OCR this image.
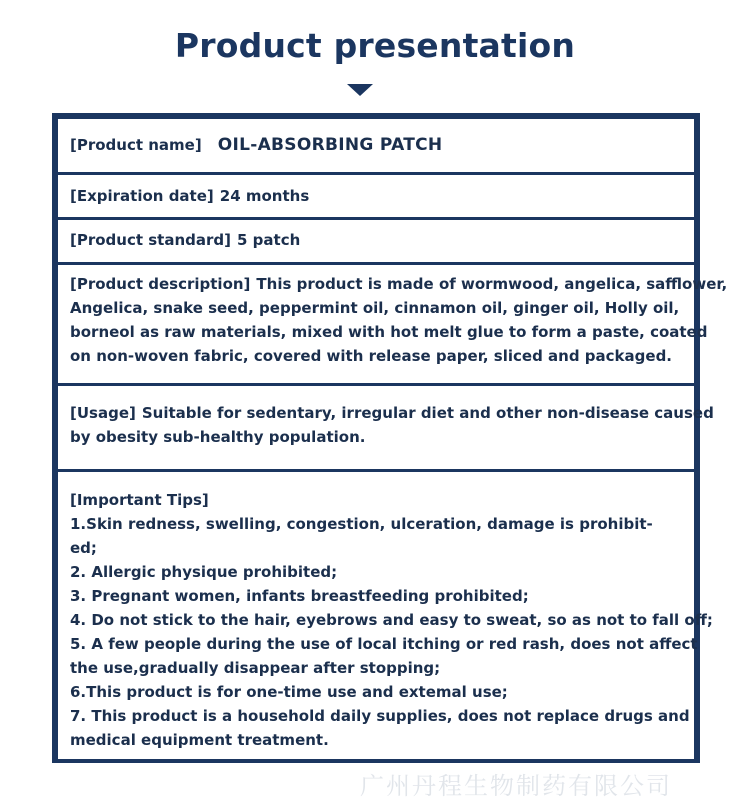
Product presentation
[Product name] OIL-ABSORBING PATCH
[Expiration date] 24 months
[Product standard] 5 patch
[Product description] This product is made of wormwood, angelica, safflower,
Angelica, snake seed, peppermint oil, cinnamon oil, ginger oil, Holly oil,
borneol as raw materials, mixed with hot melt glue to form a paste, coated
on non-woven fabric, covered with release paper, sliced and packaged.
[Usage] Suitable for sedentary, irregular diet and other non-disease caused
by obesity sub-healthy population.
[Important Tips]
1.Skin redness, swelling, congestion, ulceration, damage is prohibit-
ed;
2. Allergic physique prohibited;
3. Pregnant women, infants breastfeeding prohibited;
4. Do not stick to the hair, eyebrows and easy to sweat, so as not to fall off;
5. A few people during the use of local itching or red rash, does not affect
the use,gradually disappear after stopping;
6.This product is for one-time use and extemal use;
7. This product is a household daily supplies, does not replace drugs and
medical equipment treatment.
广州丹程生物制药有限公司
